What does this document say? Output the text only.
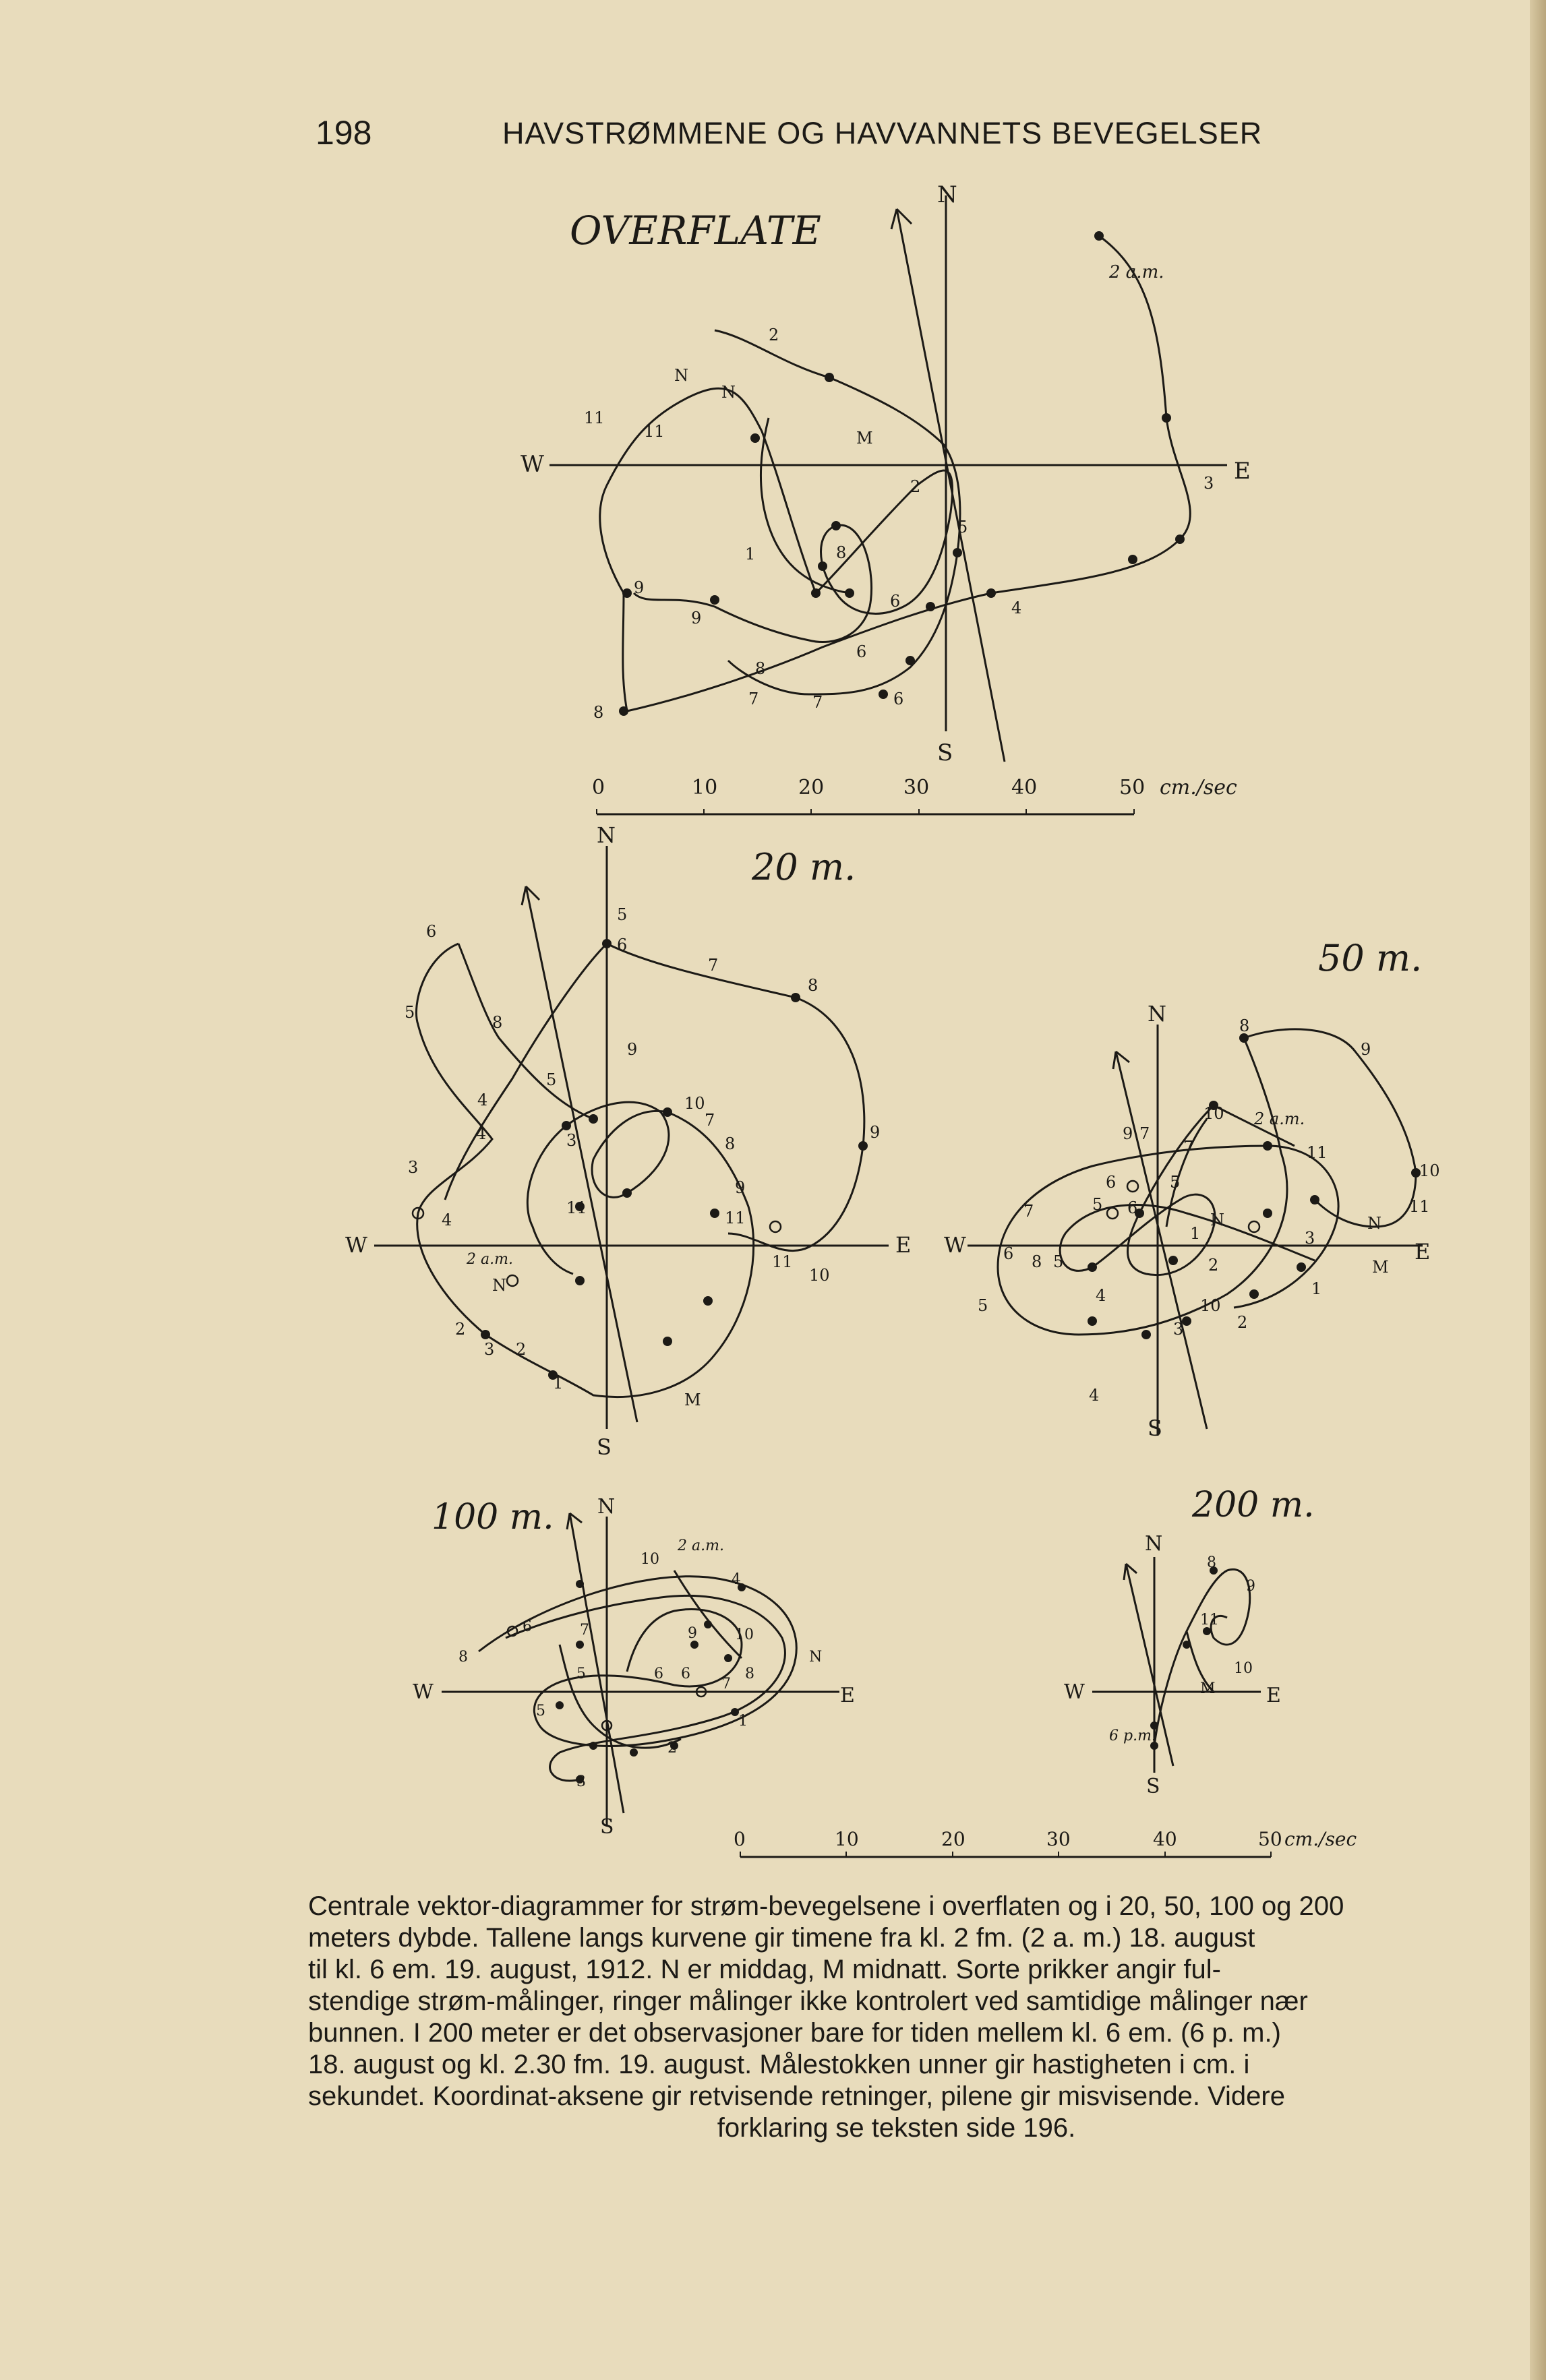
198	HAVSTRØMMENE OG HAVVANNETS BEVEGELSER
OVERFLATE
N
S
W	E
2
N
N
11
11	M
3
2
5
1	8
9
9
6	4
8
6
7	7	6
8
2 a.m.
0	10	20	30	40	50 cm./sec
20 m.
N
S
W	E
5
6
6
7
8
5
8
9
5
10
9
4
4
7
3	8
3
9
4
11
11
11
10
N
2
3 2
1
M
2 a.m.
50 m.
N
S
W	E
8
9
10
9 7
7	11
10
6	5
5 6	11
7
N
N
1	3
6 8 5	M
2
10
4
5
1
2
3
4
2 a.m.
100 m. N
S
W	E
10
4
6	7	9	10
8	N
6 6	8
5
7
5
1
2
3
2 a.m.
200 m.
N
S
W	E
8
9
11
10
M
6 p.m.
0	10	20	30	40	50 cm./sec

Centrale vektor-diagrammer for strøm-bevegelsene i overflaten og i 20, 50, 100 og 200

meters dybde. Tallene langs kurvene gir timene fra kl. 2 fm. (2 a. m.) 18. august

til kl. 6 em. 19. august, 1912. N er middag, M midnatt. Sorte prikker angir ful-

stendige strøm-målinger, ringer målinger ikke kontrolert ved samtidige målinger nær

bunnen. I 200 meter er det observasjoner bare for tiden mellem kl. 6 em. (6 p. m.)

18. august og kl. 2.30 fm. 19. august. Målestokken unner gir hastigheten i cm. i

sekundet. Koordinat-aksene gir retvisende retninger, pilene gir misvisende. Videre

forklaring se teksten side 196.
